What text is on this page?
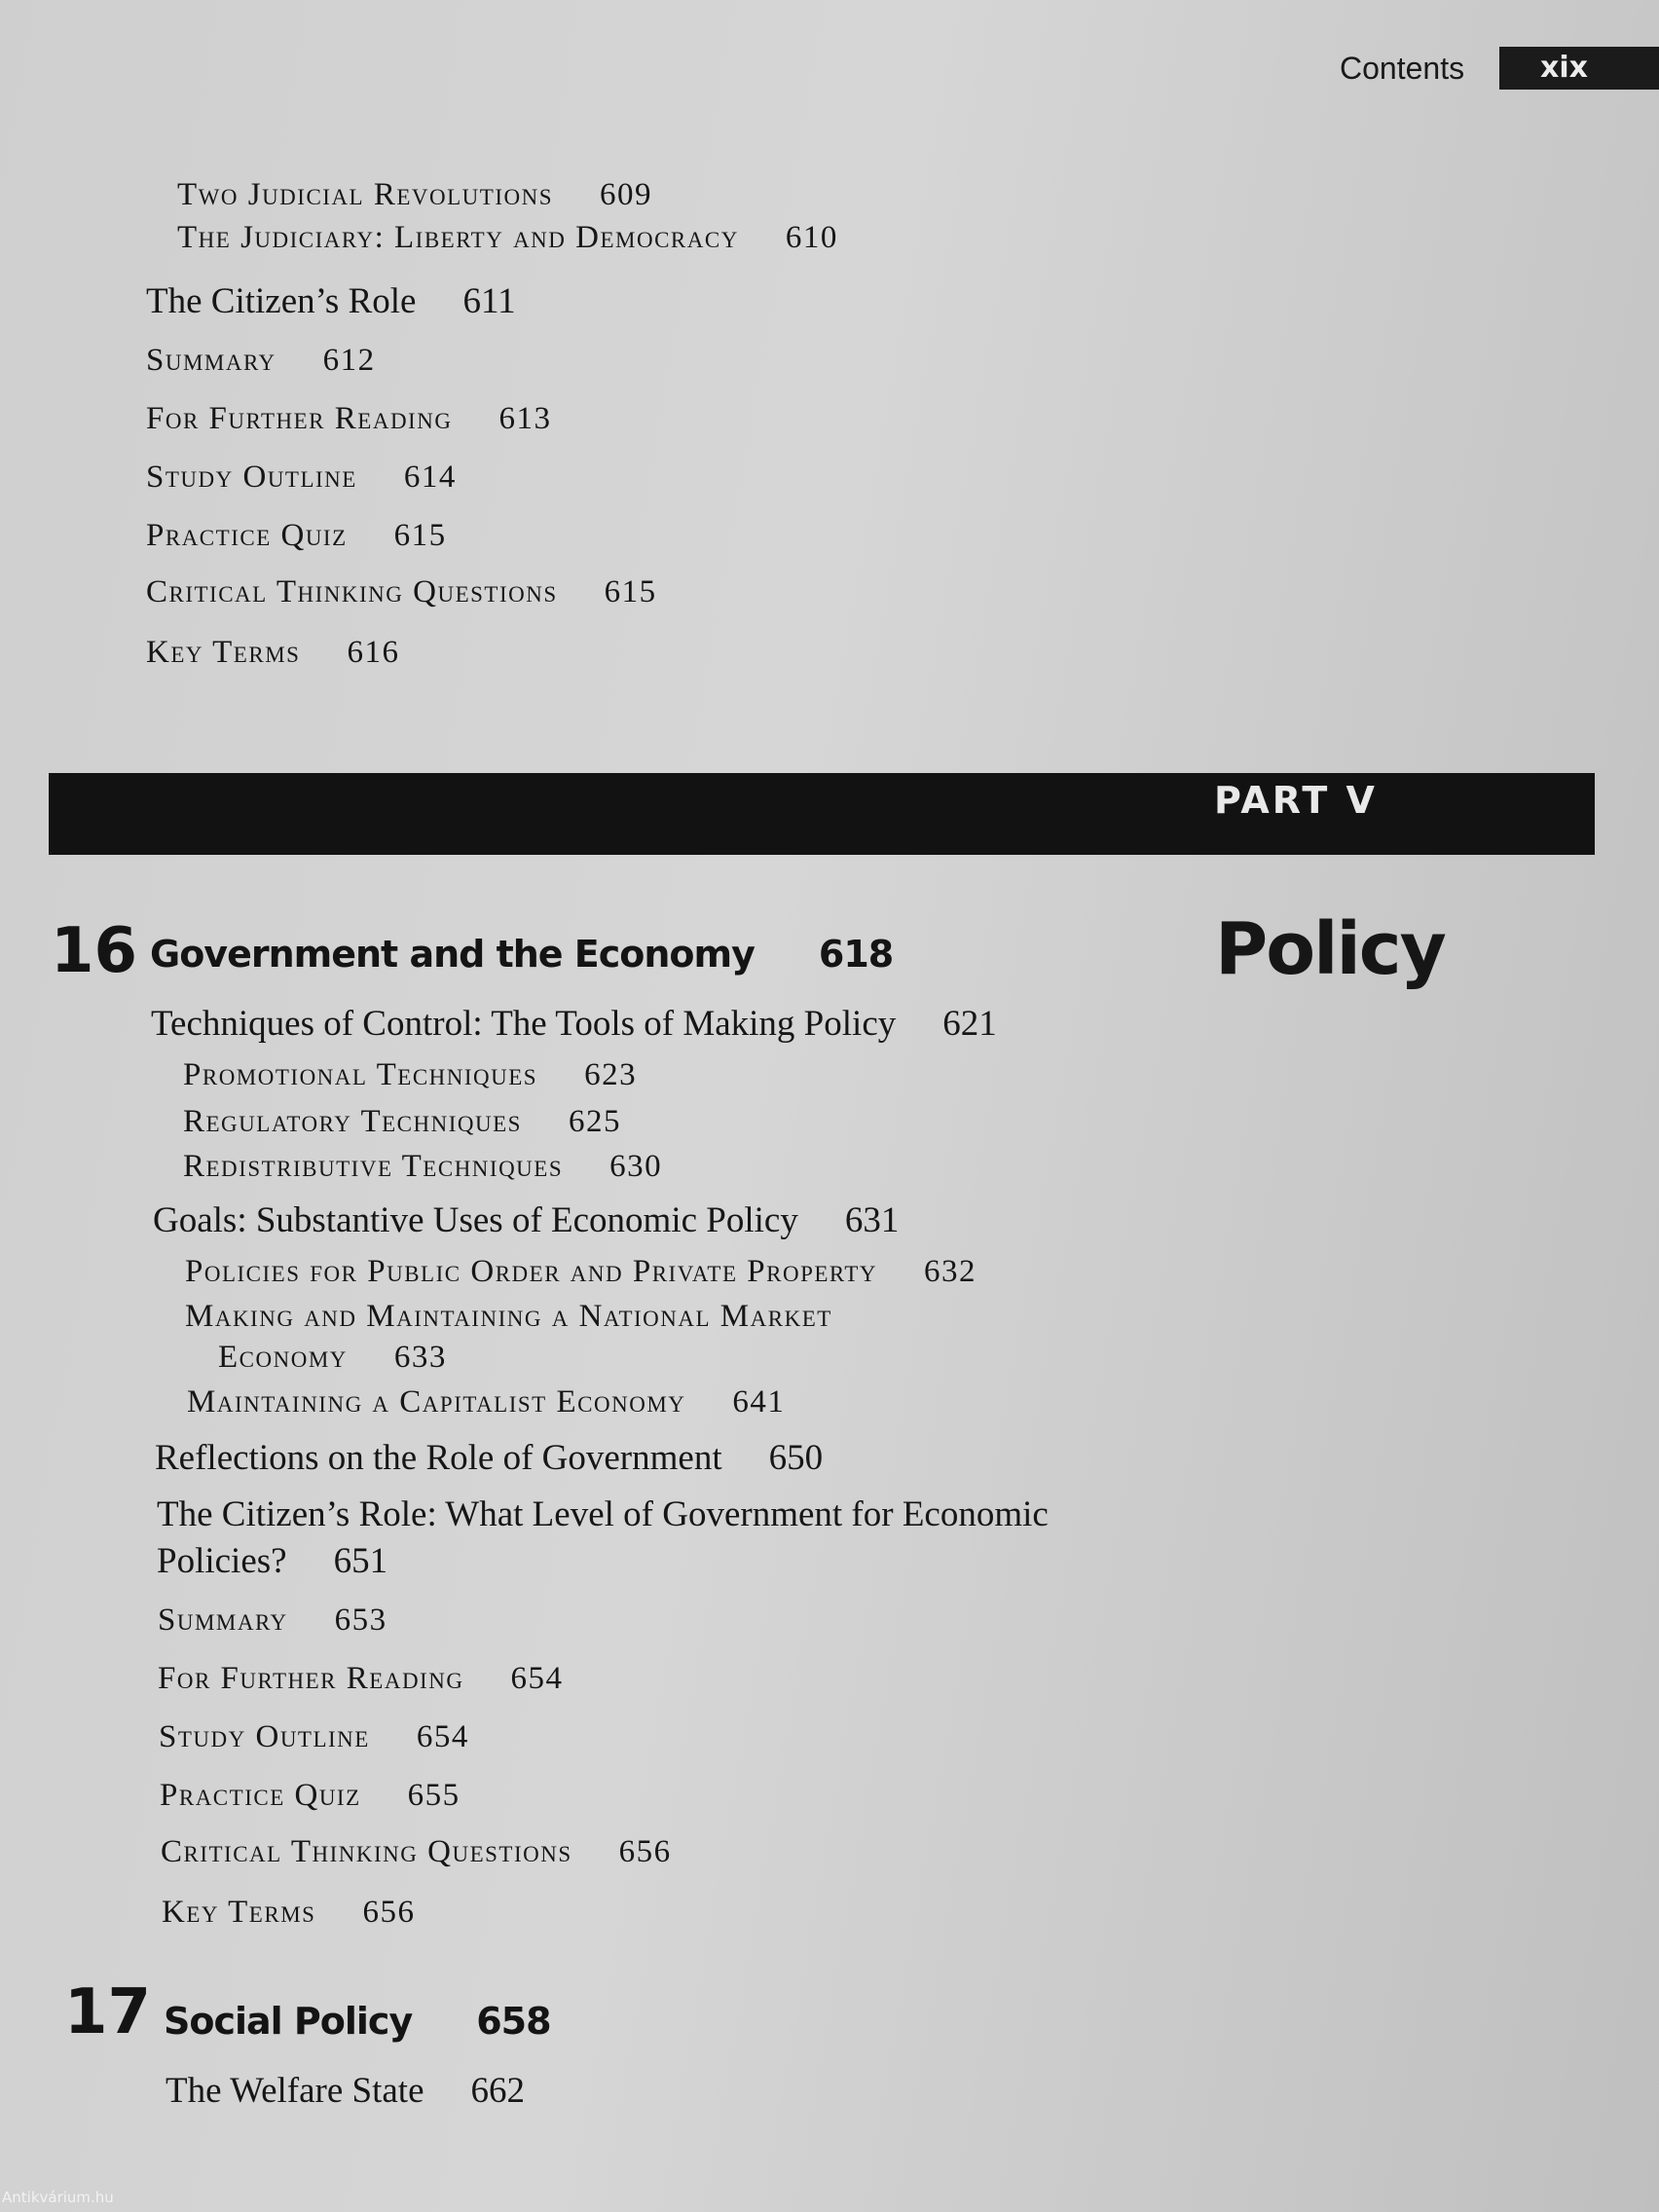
Contents	xix
Two Judicial Revolutions 609
The Judiciary: Liberty and Democracy 610
The Citizen’s Role 611
Summary 612
For Further Reading 613
Study Outline 614
Practice Quiz 615
Critical Thinking Questions 615
Key Terms 616
PART V
Policy
16 Government and the Economy 618
Techniques of Control: The Tools of Making Policy 621
Promotional Techniques 623
Regulatory Techniques 625
Redistributive Techniques 630
Goals: Substantive Uses of Economic Policy 631
Policies for Public Order and Private Property 632
Making and Maintaining a National Market
Economy 633
Maintaining a Capitalist Economy 641
Reflections on the Role of Government 650
The Citizen’s Role: What Level of Government for Economic
Policies? 651
Summary 653
For Further Reading 654
Study Outline 654
Practice Quiz 655
Critical Thinking Questions 656
Key Terms 656
17 Social Policy 658
The Welfare State 662
Antikvárium.hu
